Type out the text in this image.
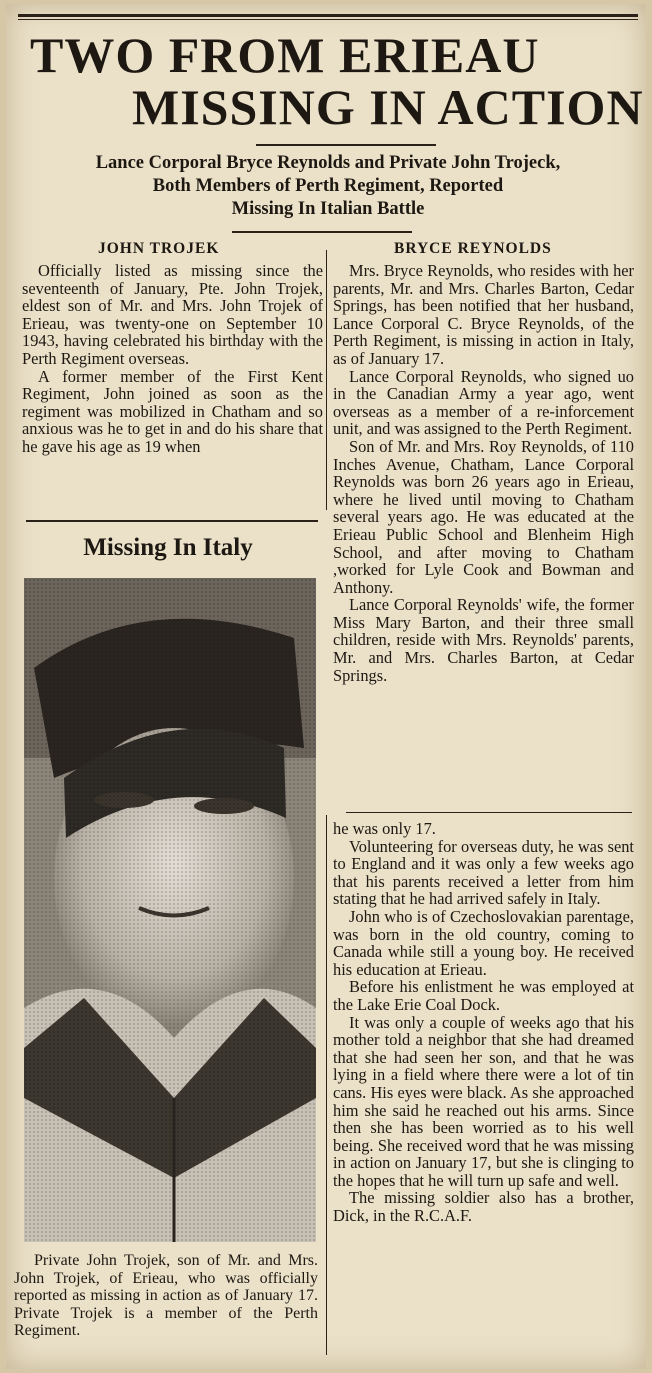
TWO FROM ERIEAU
MISSING IN ACTION
Lance Corporal Bryce Reynolds and Private John Trojeck,
Both Members of Perth Regiment, Reported
Missing In Italian Battle
JOHN TROJEK	BRYCE REYNOLDS

Officially listed as missing since the seventeenth of January, Pte. John Trojek, eldest son of Mr. and Mrs. John Trojek of Erieau, was twenty-one on September 10 1943, having celebrated his birthday with the Perth Regiment overseas.

A former member of the First Kent Regiment, John joined as soon as the regiment was mobilized in Chatham and so anxious was he to get in and do his share that he gave his age as 19 when

Mrs. Bryce Reynolds, who resides with her parents, Mr. and Mrs. Charles Barton, Cedar Springs, has been notified that her husband, Lance Corporal C. Bryce Reynolds, of the Perth Regiment, is missing in action in Italy, as of January 17.

Lance Corporal Reynolds, who signed uo in the Canadian Army a year ago, went overseas as a member of a re-inforcement unit, and was assigned to the Perth Regiment.

Son of Mr. and Mrs. Roy Reynolds, of 110 Inches Avenue, Chatham, Lance Corporal Reynolds was born 26 years ago in Erieau, where he lived until moving to Chatham several years ago. He was educated at the Erieau Public School and Blenheim High School, and after moving to Chatham ,worked for Lyle Cook and Bowman and Anthony.

Lance Corporal Reynolds' wife, the former Miss Mary Barton, and their three small children, reside with Mrs. Reynolds' parents, Mr. and Mrs. Charles Barton, at Cedar Springs.

he was only 17.

Volunteering for overseas duty, he was sent to England and it was only a few weeks ago that his parents received a letter from him stating that he had arrived safely in Italy.

John who is of Czechoslovakian parentage, was born in the old country, coming to Canada while still a young boy. He received his education at Erieau.

Before his enlistment he was employed at the Lake Erie Coal Dock.

It was only a couple of weeks ago that his mother told a neighbor that she had dreamed that she had seen her son, and that he was lying in a field where there were a lot of tin cans. His eyes were black. As she approached him she said he reached out his arms. Since then she has been worried as to his well being. She received word that he was missing in action on January 17, but she is clinging to the hopes that he will turn up safe and well.

The missing soldier also has a brother, Dick, in the R.C.A.F.

Missing In Italy

Private John Trojek, son of Mr. and Mrs. John Trojek, of Erieau, who was officially reported as missing in action as of January 17. Private Trojek is a member of the Perth Regiment.
